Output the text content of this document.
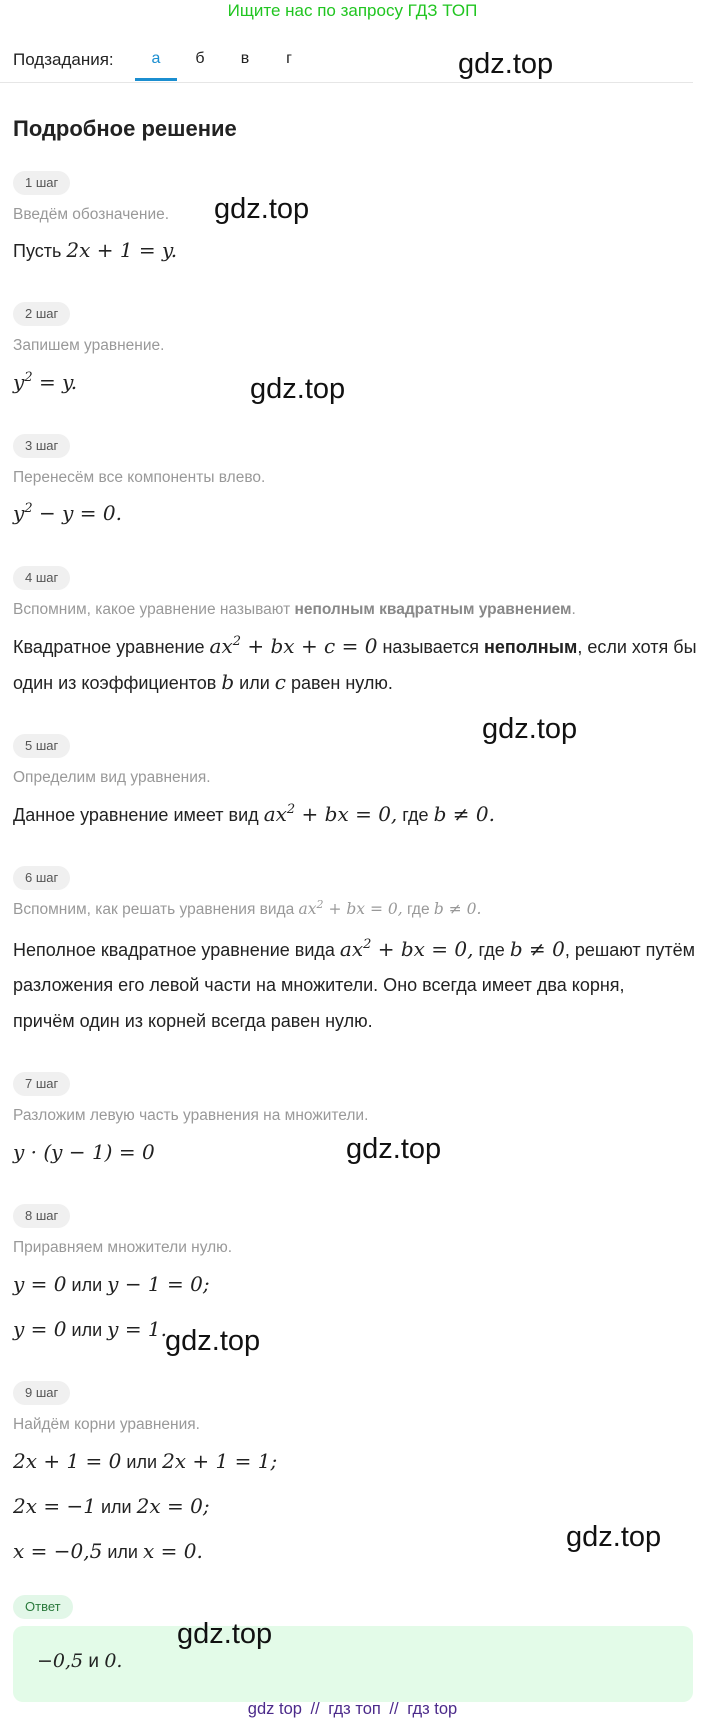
Ищите нас по запросу ГДЗ ТОП
Подзадания:	а	б	в	г
Подробное решение
1 шаг
Введём обозначение.
Пусть 2x + 1 = y.
2 шаг
Запишем уравнение.
$y^2 = y$.
3 шаг
Перенесём все компоненты влево.
$y^2 - y = 0$.
4 шаг
Вспомним, какое уравнение называют неполным квадратным уравнением.
Квадратное уравнение $ax^2$ + bx + c = 0 называется неполным, если хотя бы
один из коэффициентов b или c равен нулю.
5 шаг
Определим вид уравнения.
Данное уравнение имеет вид $ax^2$ + bx = 0, где b ≠ 0.
6 шаг
Вспомним, как решать уравнения вида $ax^2$ + bx = 0, где b ≠ 0.
Неполное квадратное уравнение вида $ax^2$ + bx = 0, где b ≠ 0, решают путём
разложения его левой части на множители. Оно всегда имеет два корня,
причём один из корней всегда равен нулю.
7 шаг
Разложим левую часть уравнения на множители.
y · (y − 1) = 0
8 шаг
Приравняем множители нулю.
y = 0 или y − 1 = 0;
y = 0 или y = 1.
9 шаг
Найдём корни уравнения.
2x + 1 = 0 или 2x + 1 = 1;
2x = −1 или 2x = 0;
x = −0,5 или x = 0.
Ответ
−0,5 и 0.
gdz.top
gdz.top
gdz.top
gdz.top
gdz.top
gdz.top
gdz.top
gdz.top
gdz top // гдз топ // гдз top
